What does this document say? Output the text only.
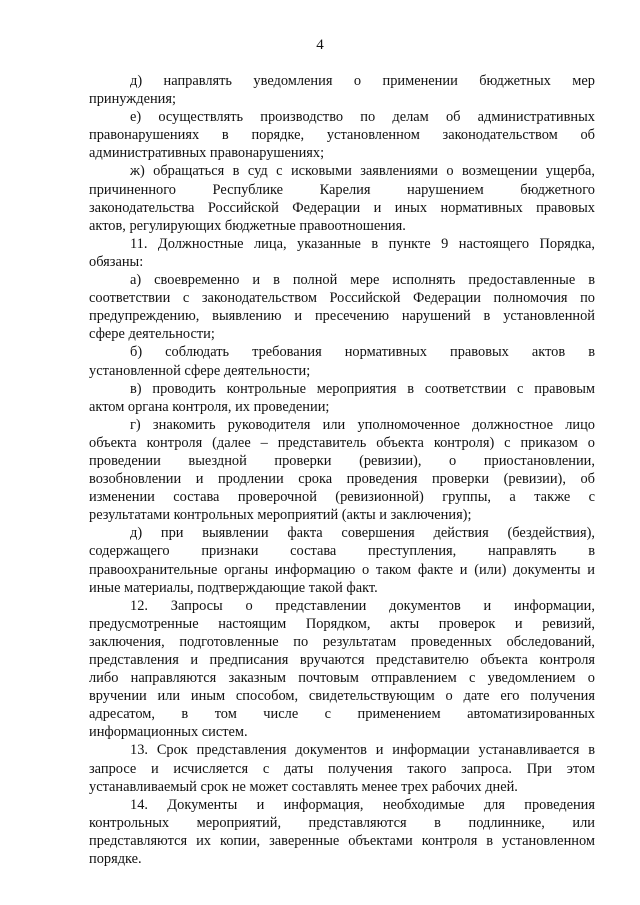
4
д) направлять уведомления о применении бюджетных мер
принуждения;
е) осуществлять производство по делам об административных
правонарушениях в порядке, установленном законодательством об
административных правонарушениях;
ж) обращаться в суд с исковыми заявлениями о возмещении ущерба,
причиненного Республике Карелия нарушением бюджетного
законодательства Российской Федерации и иных нормативных правовых
актов, регулирующих бюджетные правоотношения.
11. Должностные лица, указанные в пункте 9 настоящего Порядка,
обязаны:
а) своевременно и в полной мере исполнять предоставленные в
соответствии с законодательством Российской Федерации полномочия по
предупреждению, выявлению и пресечению нарушений в установленной
сфере деятельности;
б) соблюдать требования нормативных правовых актов в
установленной сфере деятельности;
в) проводить контрольные мероприятия в соответствии с правовым
актом органа контроля, их проведении;
г) знакомить руководителя или уполномоченное должностное лицо
объекта контроля (далее – представитель объекта контроля) с приказом о
проведении выездной проверки (ревизии), о приостановлении,
возобновлении и продлении срока проведения проверки (ревизии), об
изменении состава проверочной (ревизионной) группы, а также с
результатами контрольных мероприятий (акты и заключения);
д) при выявлении факта совершения действия (бездействия),
содержащего признаки состава преступления, направлять в
правоохранительные органы информацию о таком факте и (или) документы и
иные материалы, подтверждающие такой факт.
12. Запросы о представлении документов и информации,
предусмотренные настоящим Порядком, акты проверок и ревизий,
заключения, подготовленные по результатам проведенных обследований,
представления и предписания вручаются представителю объекта контроля
либо направляются заказным почтовым отправлением с уведомлением о
вручении или иным способом, свидетельствующим о дате его получения
адресатом, в том числе с применением автоматизированных
информационных систем.
13. Срок представления документов и информации устанавливается в
запросе и исчисляется с даты получения такого запроса. При этом
устанавливаемый срок не может составлять менее трех рабочих дней.
14. Документы и информация, необходимые для проведения
контрольных мероприятий, представляются в подлиннике, или
представляются их копии, заверенные объектами контроля в установленном
порядке.
